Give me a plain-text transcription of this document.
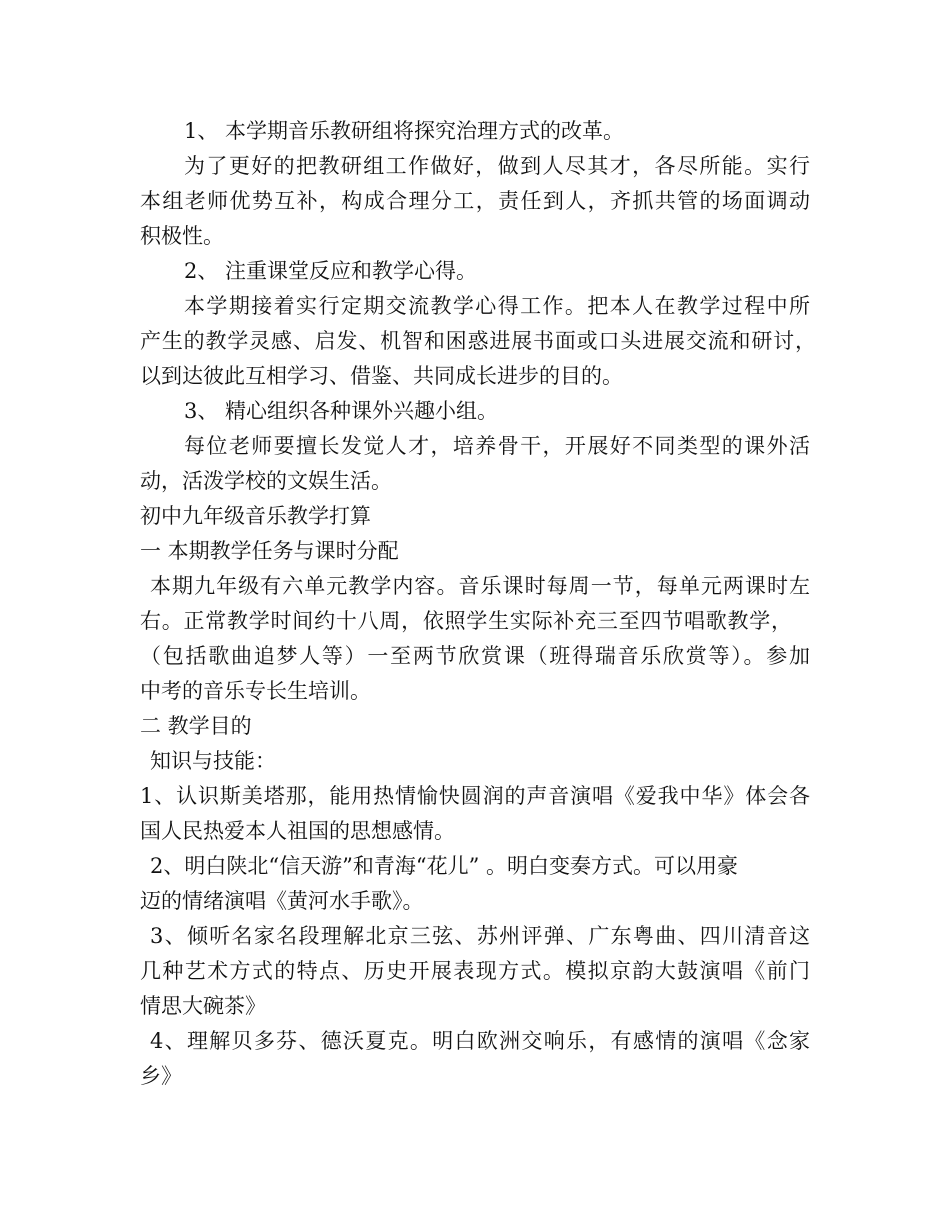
1、 本学期音乐教研组将探究治理方式的改革。
为了更好的把教研组工作做好，做到人尽其才，各尽所能。实行
本组老师优势互补，构成合理分工，责任到人，齐抓共管的场面调动
积极性。
2、 注重课堂反应和教学心得。
本学期接着实行定期交流教学心得工作。把本人在教学过程中所
产生的教学灵感、启发、机智和困惑进展书面或口头进展交流和研讨，
以到达彼此互相学习、借鉴、共同成长进步的目的。
3、 精心组织各种课外兴趣小组。
每位老师要擅长发觉人才，培养骨干，开展好不同类型的课外活
动，活泼学校的文娱生活。
初中九年级音乐教学打算
一 本期教学任务与课时分配
本期九年级有六单元教学内容。音乐课时每周一节，每单元两课时左
右。正常教学时间约十八周，依照学生实际补充三至四节唱歌教学，
（包括歌曲追梦人等）一至两节欣赏课（班得瑞音乐欣赏等）。参加
中考的音乐专长生培训。
二 教学目的
知识与技能：
1、认识斯美塔那，能用热情愉快圆润的声音演唱《爱我中华》体会各
国人民热爱本人祖国的思想感情。
2、明白陕北“信天游”和青海“花儿” 。明白变奏方式。可以用豪
迈的情绪演唱《黄河水手歌》。
3、倾听名家名段理解北京三弦、苏州评弹、广东粤曲、四川清音这
几种艺术方式的特点、历史开展表现方式。模拟京韵大鼓演唱《前门
情思大碗茶》
4、理解贝多芬、德沃夏克。明白欧洲交响乐，有感情的演唱《念家
乡》
